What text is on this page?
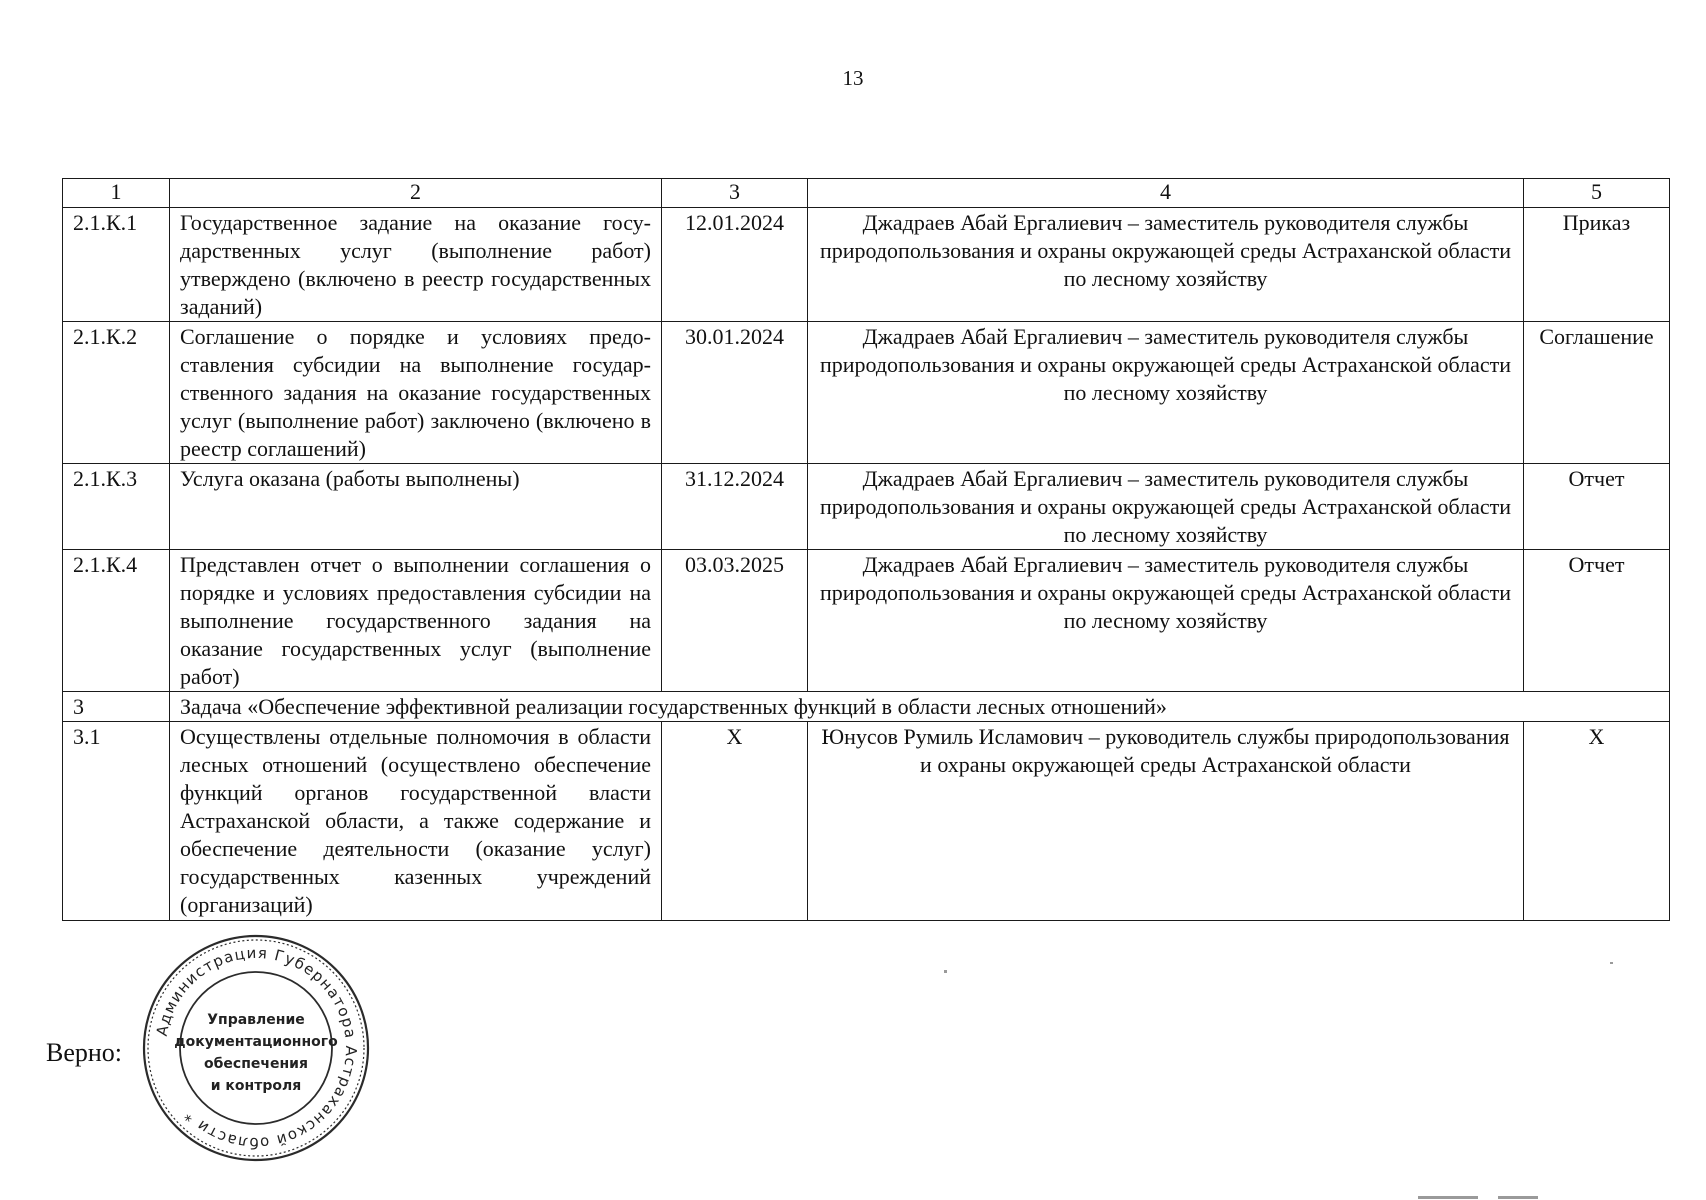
13
1	2	3	4	5
2.1.К.1	Государственное задание на оказание государственных услуг (выполнение работ) утверждено (включено в реестр государственных заданий)	12.01.2024	Джадраев Абай Ергалиевич – заместитель руководителя службы природопользования и охраны окружающей среды Астраханской области по лесному хозяйству	Приказ
2.1.К.2	Соглашение о порядке и условиях предоставления субсидии на выполнение государственного задания на оказание государственных услуг (выполнение работ) заключено (включено в реестр соглашений)	30.01.2024	Джадраев Абай Ергалиевич – заместитель руководителя службы природопользования и охраны окружающей среды Астраханской области по лесному хозяйству	Соглашение
2.1.К.3	Услуга оказана (работы выполнены)	31.12.2024	Джадраев Абай Ергалиевич – заместитель руководителя службы природопользования и охраны окружающей среды Астраханской области по лесному хозяйству	Отчет
2.1.К.4	Представлен отчет о выполнении соглашения о порядке и условиях предоставления субсидии на выполнение государственного задания на оказание государственных услуг (выполнение работ)	03.03.2025	Джадраев Абай Ергалиевич – заместитель руководителя службы природопользования и охраны окружающей среды Астраханской области по лесному хозяйству	Отчет
3	Задача «Обеспечение эффективной реализации государственных функций в области лесных отношений»			
3.1	Осуществлены отдельные полномочия в области лесных отношений (осуществлено обеспечение функций органов государственной власти Астраханской области, а также содержание и обеспечение деятельности (оказание услуг) государственных казенных учреждений (организаций)	Х	Юнусов Румиль Исламович – руководитель службы природопользования и охраны окружающей среды Астраханской области	Х
Верно:
Администрация Губернатора Астраханской области *
Управление
документационного
обеспечения
и контроля
